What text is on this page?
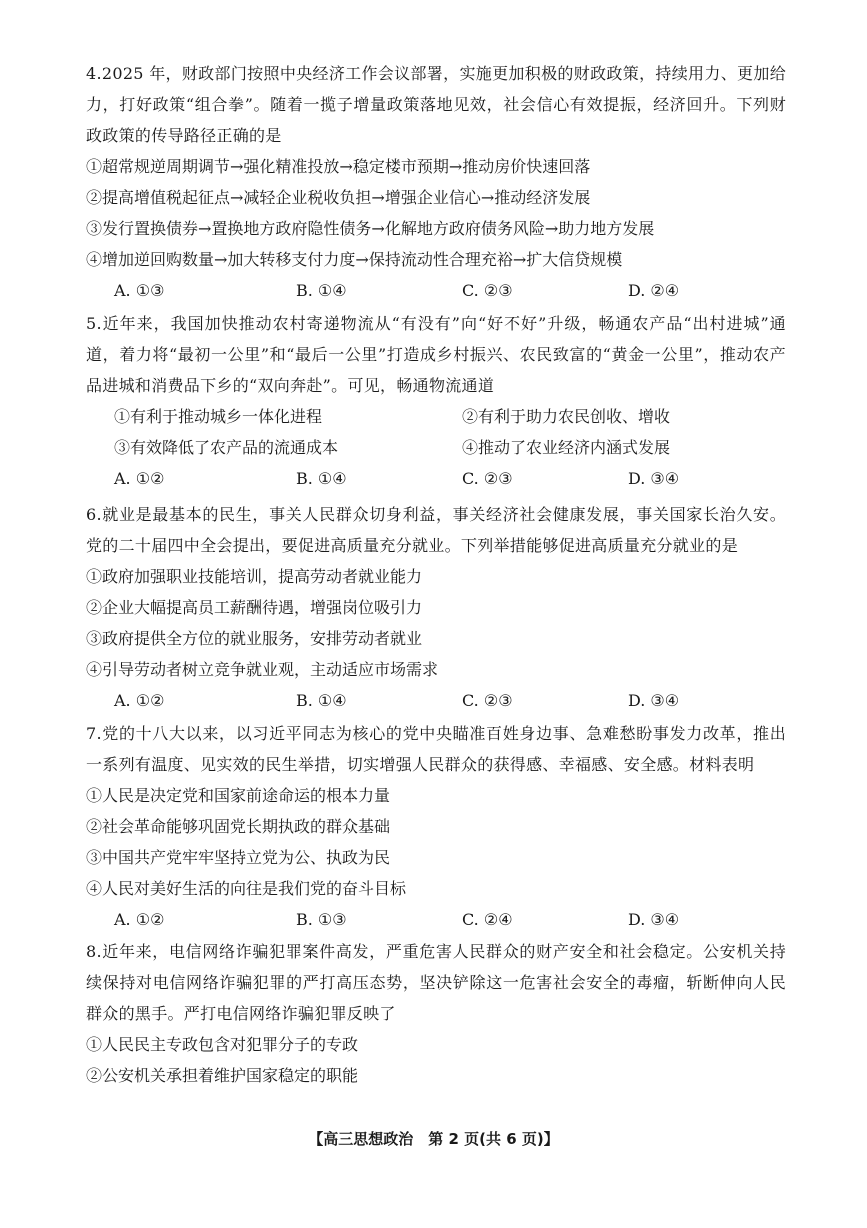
4.2025 年，财政部门按照中央经济工作会议部署，实施更加积极的财政政策，持续用力、更加给力，打好政策“组合拳”。随着一揽子增量政策落地见效，社会信心有效提振，经济回升。下列财政政策的传导路径正确的是

①超常规逆周期调节→强化精准投放→稳定楼市预期→推动房价快速回落
②提高增值税起征点→减轻企业税收负担→增强企业信心→推动经济发展
③发行置换债券→置换地方政府隐性债务→化解地方政府债务风险→助力地方发展
④增加逆回购数量→加大转移支付力度→保持流动性合理充裕→扩大信贷规模
A. ①③	B. ①④	C. ②③	D. ②④

5.近年来，我国加快推动农村寄递物流从“有没有”向“好不好”升级，畅通农产品“出村进城”通道，着力将“最初一公里”和“最后一公里”打造成乡村振兴、农民致富的“黄金一公里”，推动农产品进城和消费品下乡的“双向奔赴”。可见，畅通物流通道

①有利于推动城乡一体化进程	②有利于助力农民创收、增收
③有效降低了农产品的流通成本	④推动了农业经济内涵式发展
A. ①②	B. ①④	C. ②③	D. ③④

6.就业是最基本的民生，事关人民群众切身利益，事关经济社会健康发展，事关国家长治久安。党的二十届四中全会提出，要促进高质量充分就业。下列举措能够促进高质量充分就业的是

①政府加强职业技能培训，提高劳动者就业能力
②企业大幅提高员工薪酬待遇，增强岗位吸引力
③政府提供全方位的就业服务，安排劳动者就业
④引导劳动者树立竞争就业观，主动适应市场需求
A. ①②	B. ①④	C. ②③	D. ③④

7.党的十八大以来，以习近平同志为核心的党中央瞄准百姓身边事、急难愁盼事发力改革，推出一系列有温度、见实效的民生举措，切实增强人民群众的获得感、幸福感、安全感。材料表明

①人民是决定党和国家前途命运的根本力量
②社会革命能够巩固党长期执政的群众基础
③中国共产党牢牢坚持立党为公、执政为民
④人民对美好生活的向往是我们党的奋斗目标
A. ①②	B. ①③	C. ②④	D. ③④

8.近年来，电信网络诈骗犯罪案件高发，严重危害人民群众的财产安全和社会稳定。公安机关持续保持对电信网络诈骗犯罪的严打高压态势，坚决铲除这一危害社会安全的毒瘤，斩断伸向人民群众的黑手。严打电信网络诈骗犯罪反映了

①人民民主专政包含对犯罪分子的专政
②公安机关承担着维护国家稳定的职能
【高三思想政治　第 2 页(共 6 页)】
